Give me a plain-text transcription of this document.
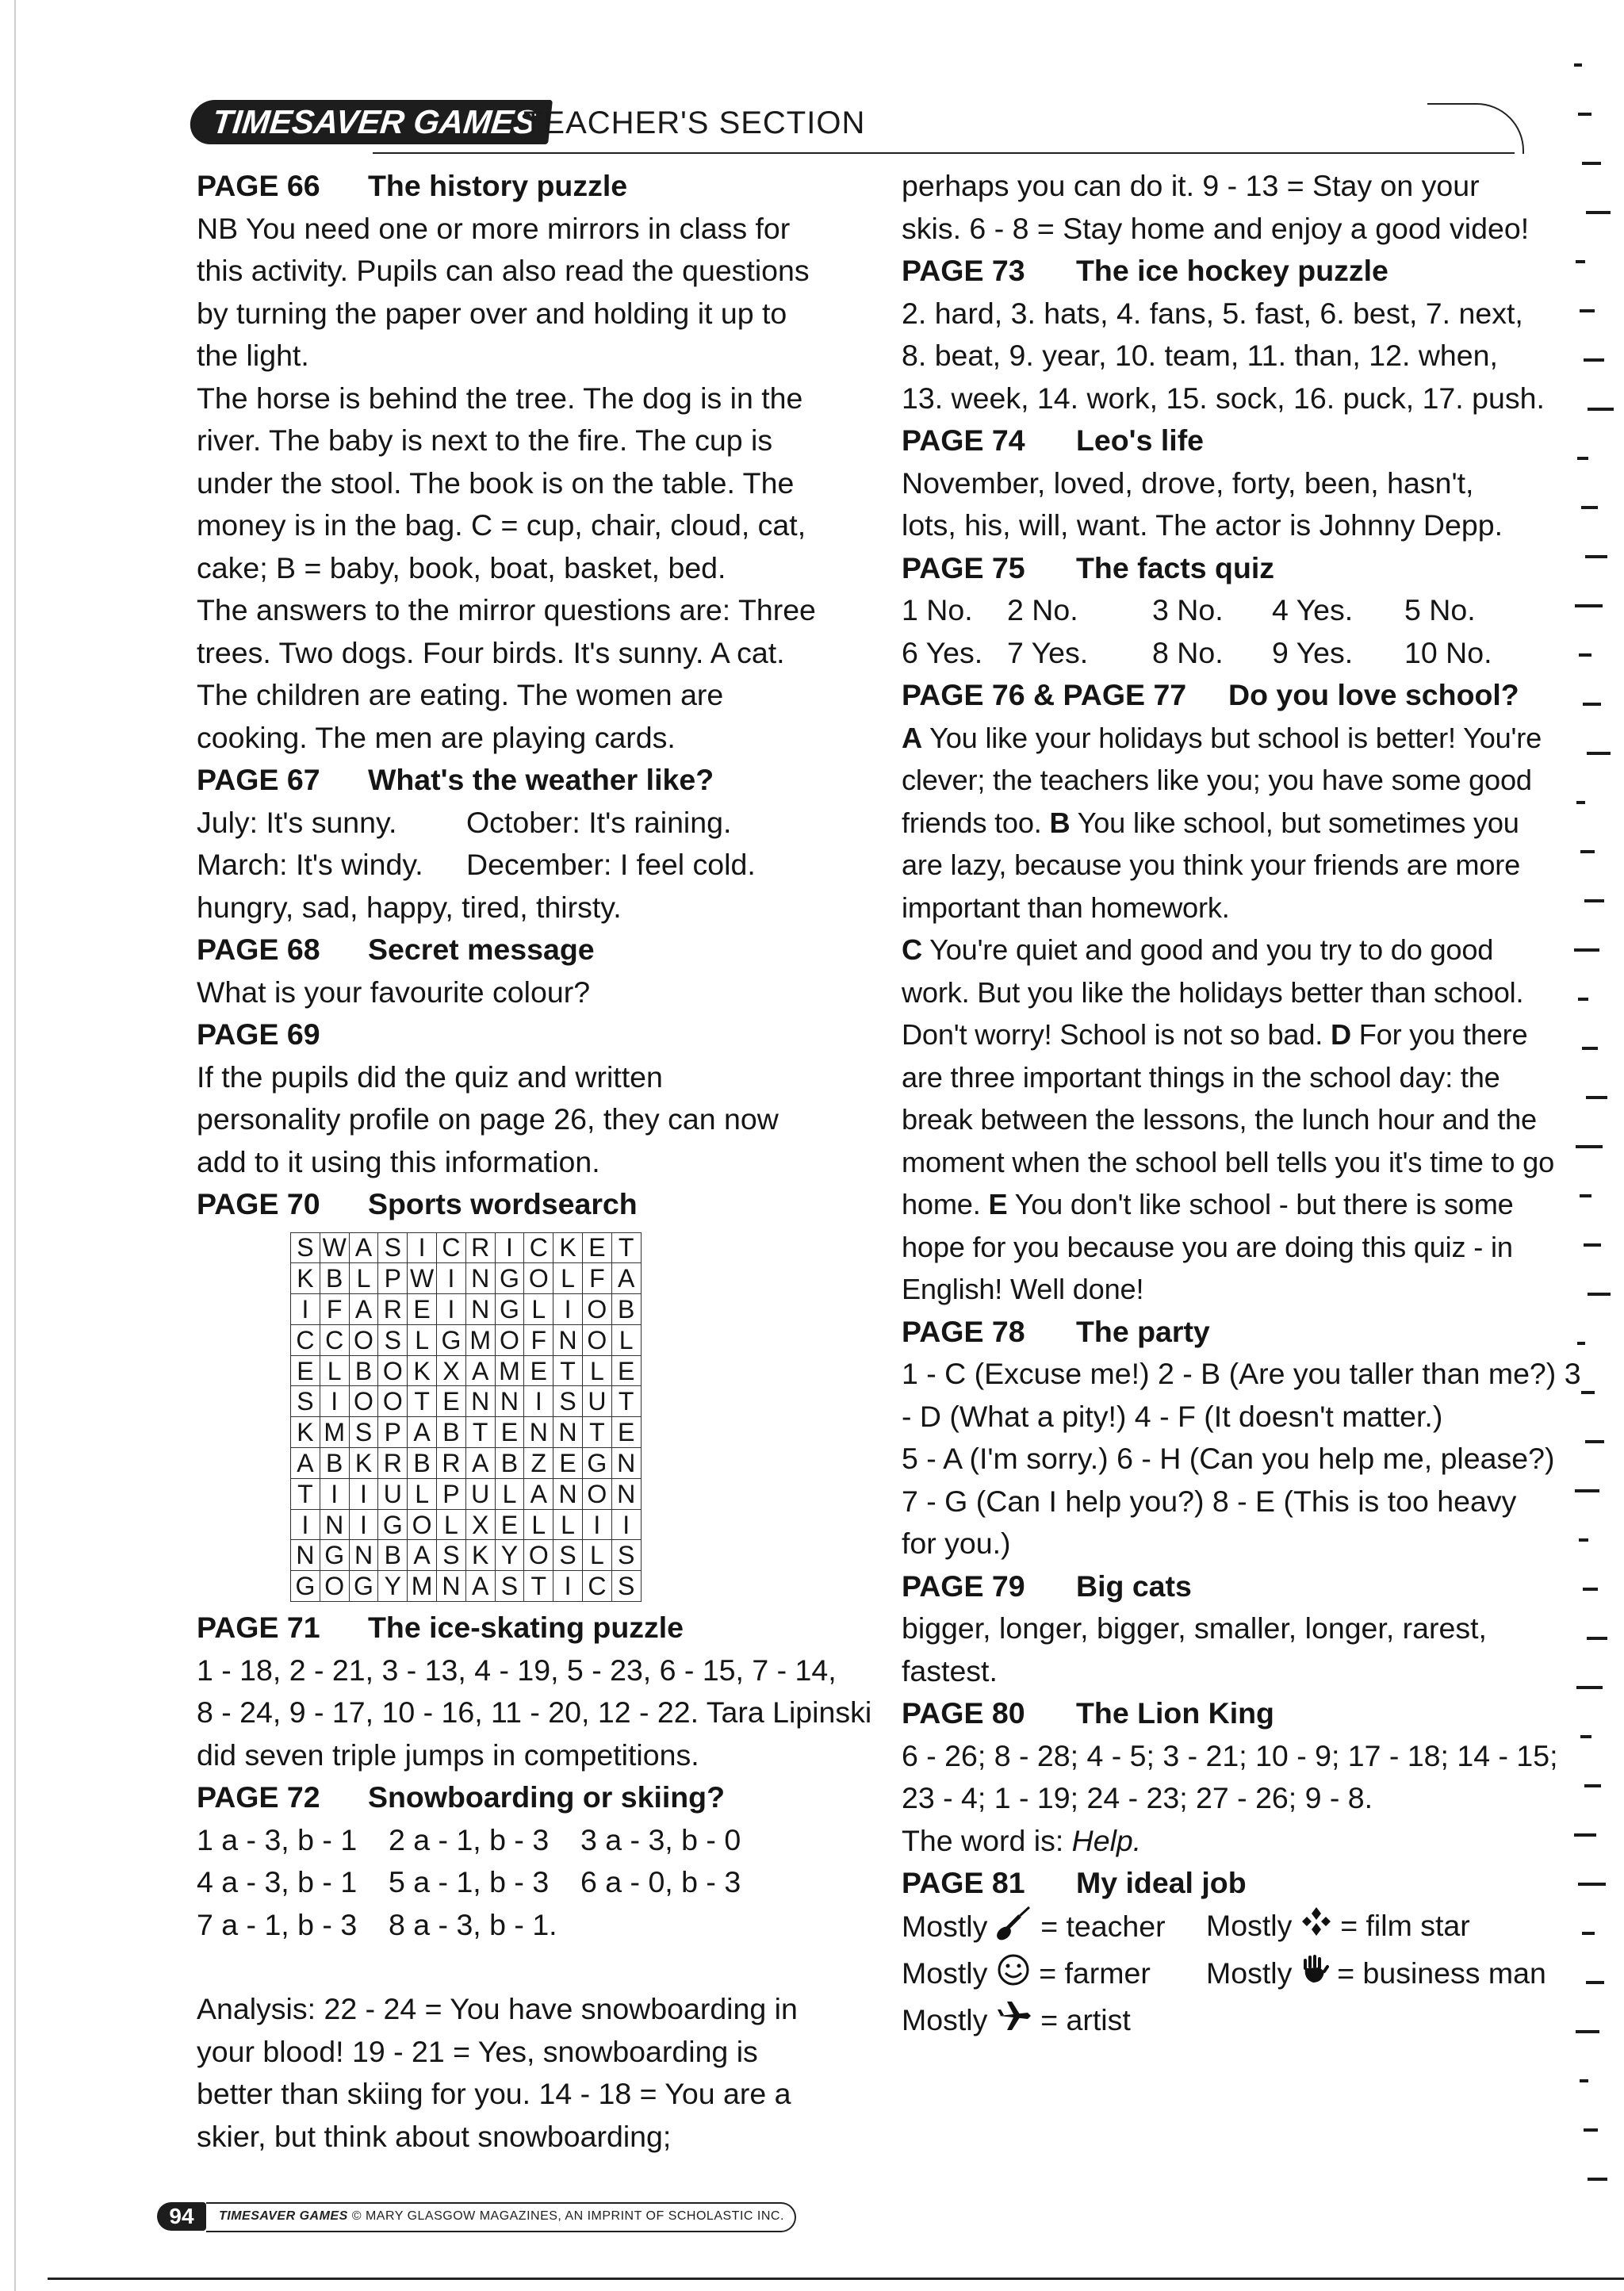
TIMESAVER GAMES
TEACHER'S SECTION

PAGE 66 The history puzzle

NB You need one or more mirrors in class for

this activity. Pupils can also read the questions

by turning the paper over and holding it up to

the light.

The horse is behind the tree. The dog is in the

river. The baby is next to the fire. The cup is

under the stool. The book is on the table. The

money is in the bag. C = cup, chair, cloud, cat,

cake; B = baby, book, boat, basket, bed.

The answers to the mirror questions are: Three

trees. Two dogs. Four birds. It's sunny. A cat.

The children are eating. The women are

cooking. The men are playing cards.

PAGE 67 What's the weather like?

July: It's sunny.	October: It's raining.
March: It's windy.	December: I feel cold.

hungry, sad, happy, tired, thirsty.

PAGE 68 Secret message

What is your favourite colour?

PAGE 69

If the pupils did the quiz and written

personality profile on page 26, they can now

add to it using this information.

PAGE 70 Sports wordsearch

S	W	A	S	I	C	R	I	C	K	E	T
K	B	L	P	W	I	N	G	O	L	F	A
I	F	A	R	E	I	N	G	L	I	O	B
C	C	O	S	L	G	M	O	F	N	O	L
E	L	B	O	K	X	A	M	E	T	L	E
S	I	O	O	T	E	N	N	I	S	U	T
K	M	S	P	A	B	T	E	N	N	T	E
A	B	K	R	B	R	A	B	Z	E	G	N
T	I	I	U	L	P	U	L	A	N	O	N
I	N	I	G	O	L	X	E	L	L	I	I
N	G	N	B	A	S	K	Y	O	S	L	S
G	O	G	Y	M	N	A	S	T	I	C	S

PAGE 71 The ice-skating puzzle

1 - 18, 2 - 21, 3 - 13, 4 - 19, 5 - 23, 6 - 15, 7 - 14,

8 - 24, 9 - 17, 10 - 16, 11 - 20, 12 - 22. Tara Lipinski

did seven triple jumps in competitions.

PAGE 72 Snowboarding or skiing?

1 a - 3, b - 1	2 a - 1, b - 3	3 a - 3, b - 0
4 a - 3, b - 1	5 a - 1, b - 3	6 a - 0, b - 3
7 a - 1, b - 3	8 a - 3, b - 1.

Analysis: 22 - 24 = You have snowboarding in

your blood! 19 - 21 = Yes, snowboarding is

better than skiing for you. 14 - 18 = You are a

skier, but think about snowboarding;

perhaps you can do it. 9 - 13 = Stay on your

skis. 6 - 8 = Stay home and enjoy a good video!

PAGE 73 The ice hockey puzzle

2. hard, 3. hats, 4. fans, 5. fast, 6. best, 7. next,

8. beat, 9. year, 10. team, 11. than, 12. when,

13. week, 14. work, 15. sock, 16. puck, 17. push.

PAGE 74 Leo's life

November, loved, drove, forty, been, hasn't,

lots, his, will, want. The actor is Johnny Depp.

PAGE 75 The facts quiz

1 No.	2 No.	3 No.	4 Yes.	5 No.
6 Yes. 7 Yes.	8 No.	9 Yes.	10 No.

PAGE 76 & PAGE 77 Do you love school?

A You like your holidays but school is better! You're clever; the teachers like you; you have some good friends too. B You like school, but sometimes you are lazy, because you think your friends are more important than homework.
C You're quiet and good and you try to do good work. But you like the holidays better than school. Don't worry! School is not so bad. D For you there are three important things in the school day: the break between the lessons, the lunch hour and the moment when the school bell tells you it's time to go home. E You don't like school - but there is some hope for you because you are doing this quiz - in English! Well done!

PAGE 78 The party

1 - C (Excuse me!) 2 - B (Are you taller than me?) 3

- D (What a pity!) 4 - F (It doesn't matter.)

5 - A (I'm sorry.) 6 - H (Can you help me, please?)

7 - G (Can I help you?) 8 - E (This is too heavy

for you.)

PAGE 79 Big cats

bigger, longer, bigger, smaller, longer, rarest,

fastest.

PAGE 80 The Lion King

6 - 26; 8 - 28; 4 - 5; 3 - 21; 10 - 9; 17 - 18; 14 - 15;

23 - 4; 1 - 19; 24 - 23; 27 - 26; 9 - 8.

The word is: Help.

PAGE 81 My ideal job

Mostly = teacher	Mostly = film star
Mostly = farmer	Mostly = business man
Mostly = artist
94	TIMESAVER GAMES © MARY GLASGOW MAGAZINES, AN IMPRINT OF SCHOLASTIC INC.
